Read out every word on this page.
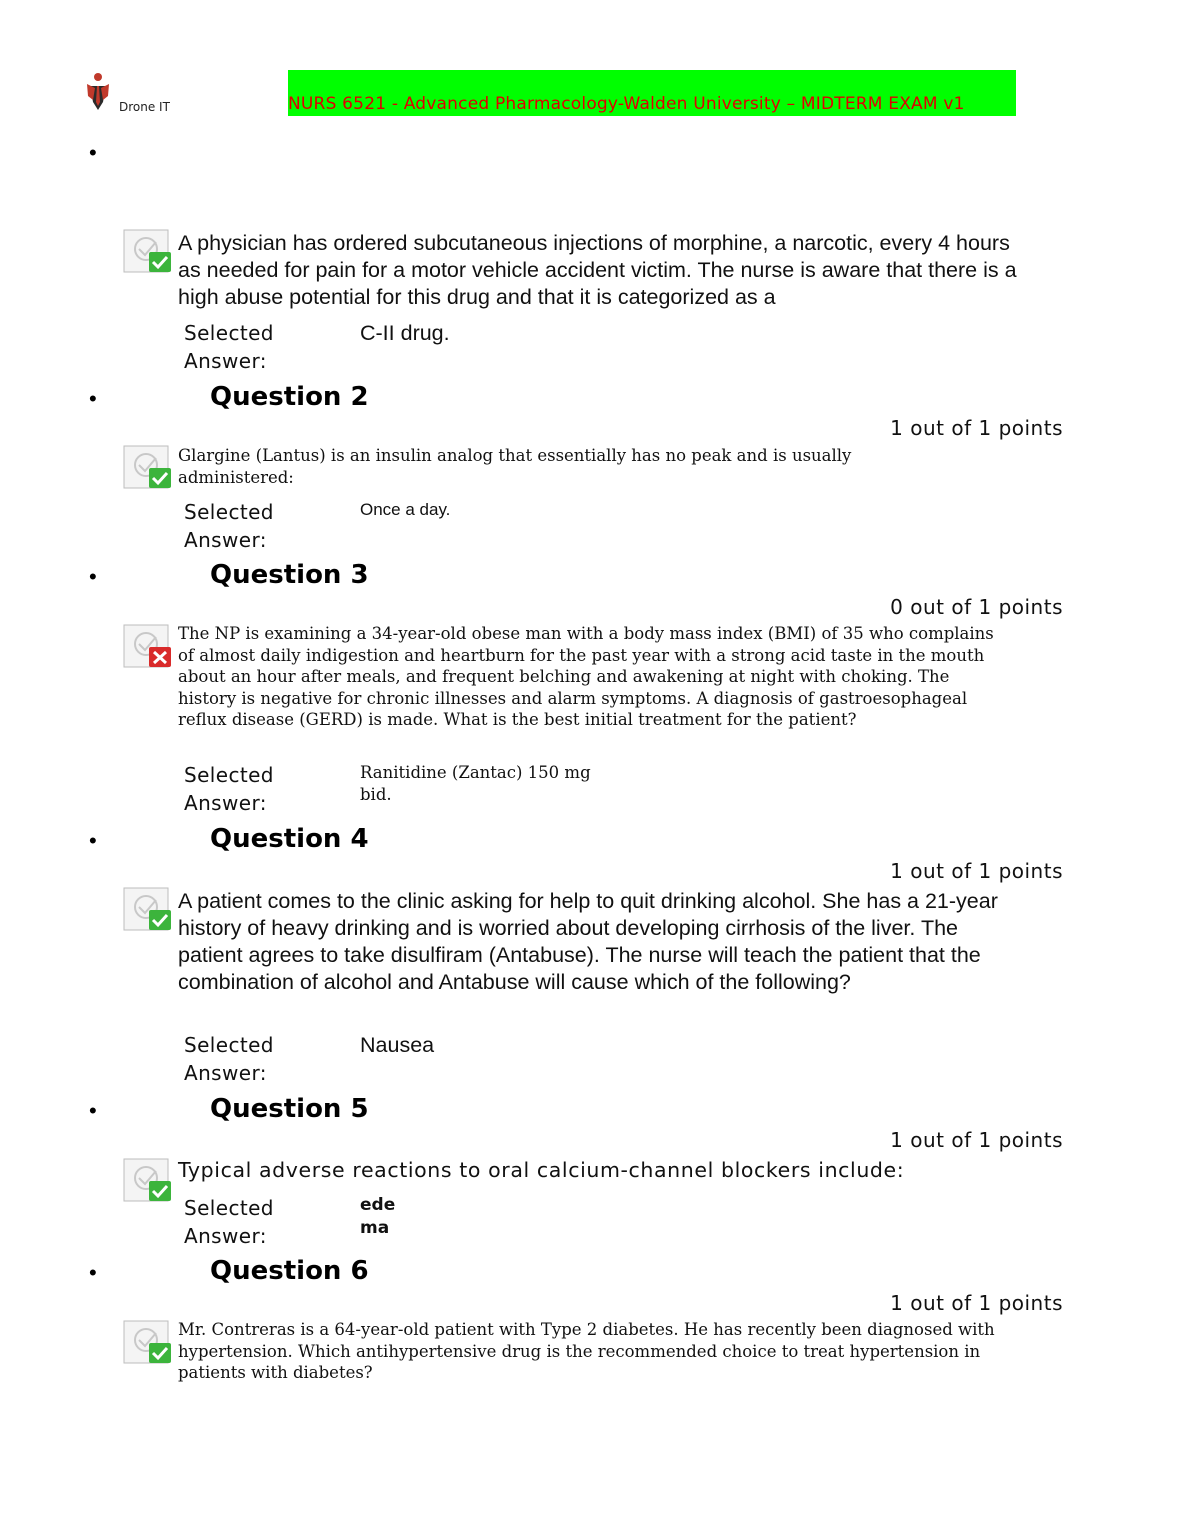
Drone IT	NURS 6521 - Advanced Pharmacology-Walden University – MIDTERM EXAM v1
•
A physician has ordered subcutaneous injections of morphine, a narcotic, every 4 hours as needed for pain for a motor vehicle accident victim. The nurse is aware that there is a high abuse potential for this drug and that it is categorized as a
Selected Answer:
C-II drug.
•	Question 2
1 out of 1 points
Glargine (Lantus) is an insulin analog that essentially has no peak and is usually administered:
Selected Answer:
Once a day.
•	Question 3
0 out of 1 points
The NP is examining a 34-year-old obese man with a body mass index (BMI) of 35 who complains of almost daily indigestion and heartburn for the past year with a strong acid taste in the mouth about an hour after meals, and frequent belching and awakening at night with choking. The history is negative for chronic illnesses and alarm symptoms. A diagnosis of gastroesophageal reflux disease (GERD) is made. What is the best initial treatment for the patient?
Selected Answer:
Ranitidine (Zantac) 150 mg bid.
•	Question 4
1 out of 1 points
A patient comes to the clinic asking for help to quit drinking alcohol. She has a 21-year history of heavy drinking and is worried about developing cirrhosis of the liver. The patient agrees to take disulfiram (Antabuse). The nurse will teach the patient that the combination of alcohol and Antabuse will cause which of the following?
Selected Answer:
Nausea
•	Question 5
1 out of 1 points
Typical adverse reactions to oral calcium-channel blockers include:
Selected Answer:
ede ma
•	Question 6
1 out of 1 points
Mr. Contreras is a 64-year-old patient with Type 2 diabetes. He has recently been diagnosed with hypertension. Which antihypertensive drug is the recommended choice to treat hypertension in patients with diabetes?
